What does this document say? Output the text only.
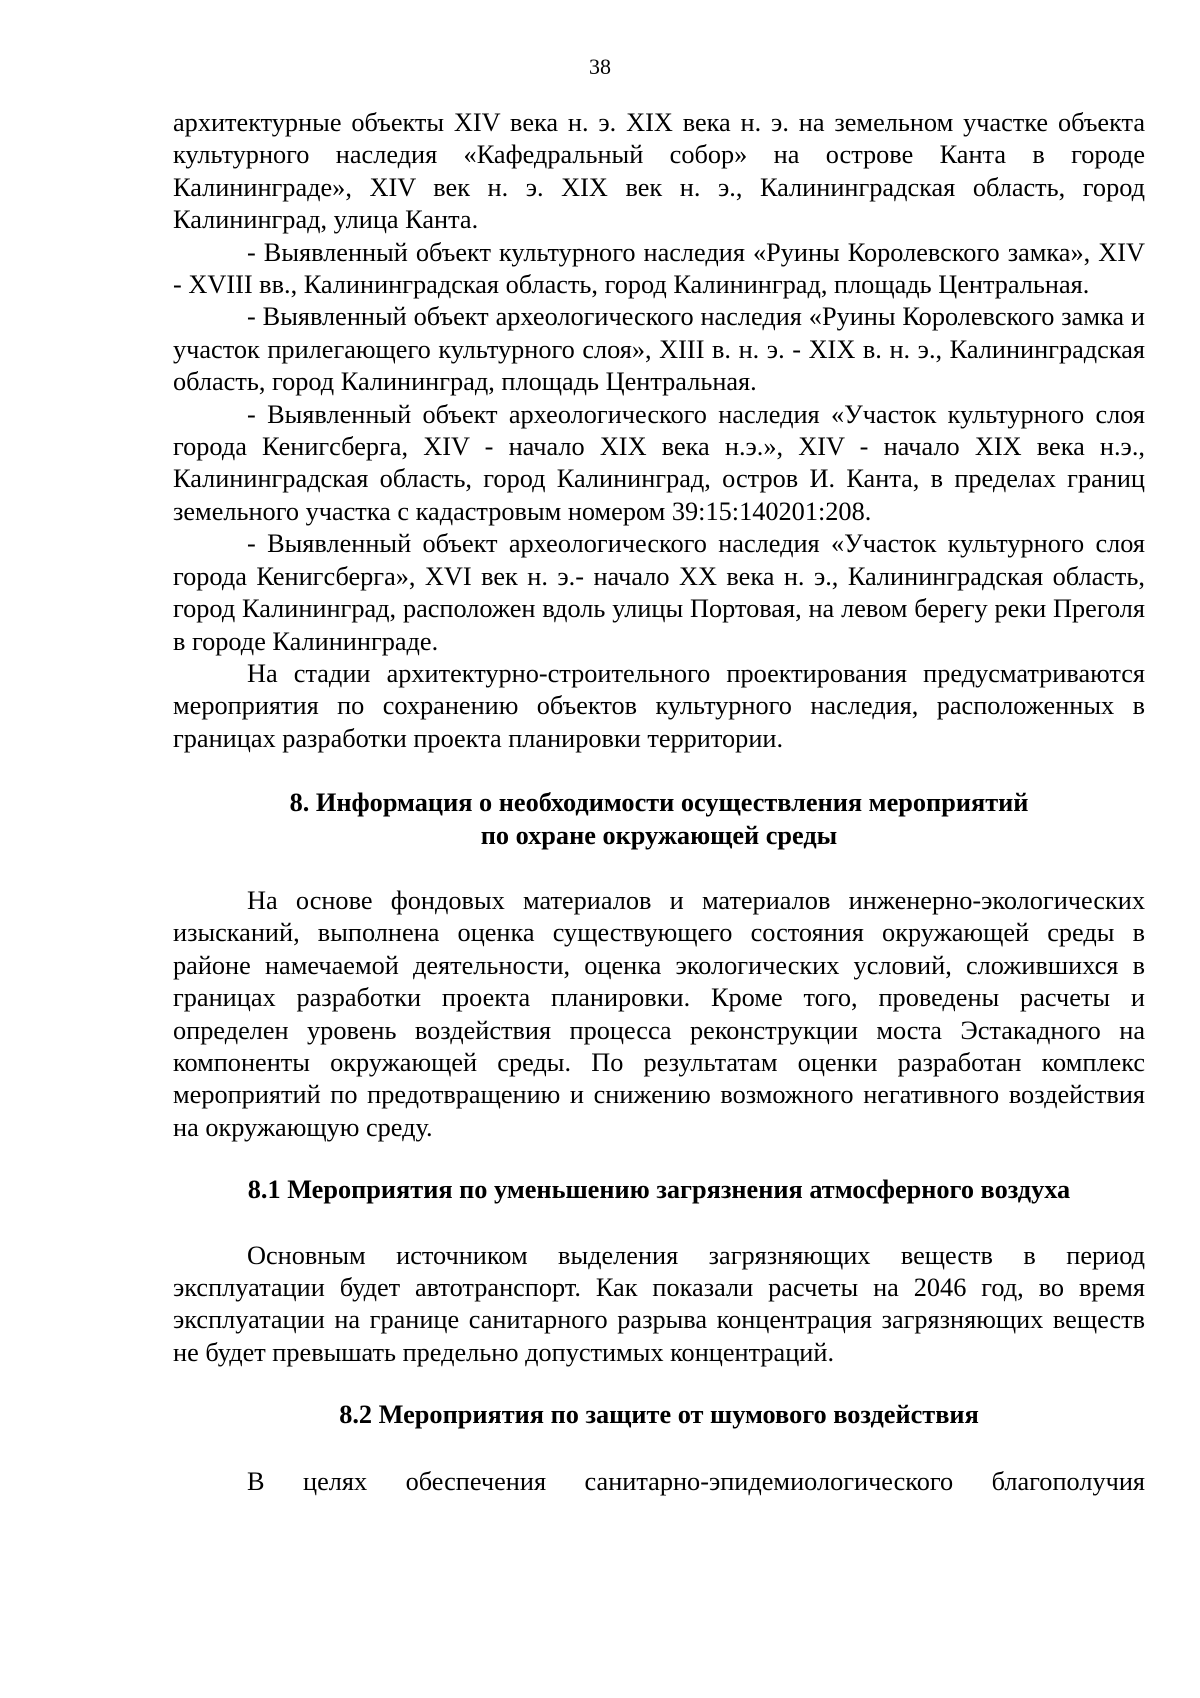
38

архитектурные объекты XIV века н. э. XIX века н. э. на земельном участке объекта культурного наследия «Кафедральный собор» на острове Канта в городе Калининграде», XIV век н. э. XIX век н. э., Калининградская область, город Калининград, улица Канта.

- Выявленный объект культурного наследия «Руины Королевского замка», XIV - XVIII вв., Калининградская область, город Калининград, площадь Центральная.

- Выявленный объект археологического наследия «Руины Королевского замка и участок прилегающего культурного слоя», XIII в. н. э. - XIX в. н. э., Калининградская область, город Калининград, площадь Центральная.

- Выявленный объект археологического наследия «Участок культурного слоя города Кенигсберга, XIV - начало XIX века н.э.», XIV - начало XIX века н.э., Калининградская область, город Калининград, остров И. Канта, в пределах границ земельного участка с кадастровым номером 39:15:140201:208.

- Выявленный объект археологического наследия «Участок культурного слоя города Кенигсберга», XVI век н. э.- начало XX века н. э., Калининградская область, город Калининград, расположен вдоль улицы Портовая, на левом берегу реки Преголя в городе Калининграде.

На стадии архитектурно-строительного проектирования предусматриваются мероприятия по сохранению объектов культурного наследия, расположенных в границах разработки проекта планировки территории.

8. Информация о необходимости осуществления мероприятий
по охране окружающей среды

На основе фондовых материалов и материалов инженерно-экологических изысканий, выполнена оценка существующего состояния окружающей среды в районе намечаемой деятельности, оценка экологических условий, сложившихся в границах разработки проекта планировки. Кроме того, проведены расчеты и определен уровень воздействия процесса реконструкции моста Эстакадного на компоненты окружающей среды. По результатам оценки разработан комплекс мероприятий по предотвращению и снижению возможного негативного воздействия на окружающую среду.

8.1 Мероприятия по уменьшению загрязнения атмосферного воздуха

Основным источником выделения загрязняющих веществ в период эксплуатации будет автотранспорт. Как показали расчеты на 2046 год, во время эксплуатации на границе санитарного разрыва концентрация загрязняющих веществ не будет превышать предельно допустимых концентраций.

8.2 Мероприятия по защите от шумового воздействия

В целях обеспечения санитарно-эпидемиологического благополучия
